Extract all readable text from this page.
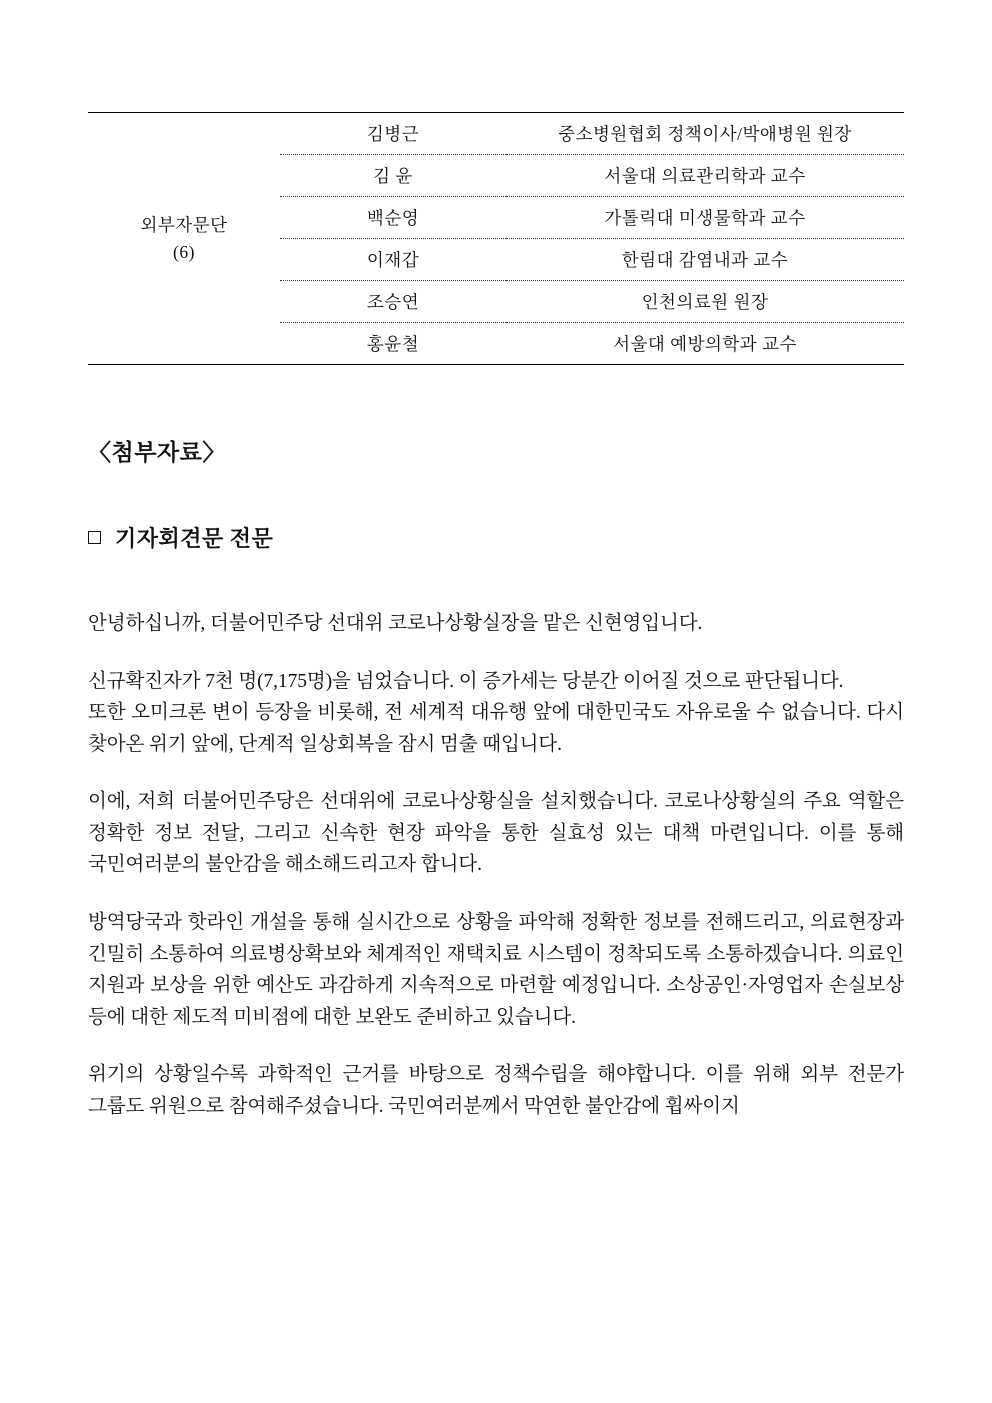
외부자문단
(6)	김병근	중소병원협회 정책이사/박애병원 원장
	김 윤	서울대 의료관리학과 교수
	백순영	가톨릭대 미생물학과 교수
	이재갑	한림대 감염내과 교수
	조승연	인천의료원 원장
	홍윤철	서울대 예방의학과 교수
〈첨부자료〉
기자회견문 전문

안녕하십니까, 더불어민주당 선대위 코로나상황실장을 맡은 신현영입니다.

신규확진자가 7천 명(7,175명)을 넘었습니다. 이 증가세는 당분간 이어질 것으로 판단됩니다.

또한 오미크론 변이 등장을 비롯해, 전 세계적 대유행 앞에 대한민국도 자유로울 수 없습니다. 다시 찾아온 위기 앞에, 단계적 일상회복을 잠시 멈출 때입니다.

이에, 저희 더불어민주당은 선대위에 코로나상황실을 설치했습니다. 코로나상황실의 주요 역할은 정확한 정보 전달, 그리고 신속한 현장 파악을 통한 실효성 있는 대책 마련입니다. 이를 통해 국민여러분의 불안감을 해소해드리고자 합니다.

방역당국과 핫라인 개설을 통해 실시간으로 상황을 파악해 정확한 정보를 전해드리고, 의료현장과 긴밀히 소통하여 의료병상확보와 체계적인 재택치료 시스템이 정착되도록 소통하겠습니다. 의료인 지원과 보상을 위한 예산도 과감하게 지속적으로 마련할 예정입니다. 소상공인·자영업자 손실보상 등에 대한 제도적 미비점에 대한 보완도 준비하고 있습니다.

위기의 상황일수록 과학적인 근거를 바탕으로 정책수립을 해야합니다. 이를 위해 외부 전문가 그룹도 위원으로 참여해주셨습니다. 국민여러분께서 막연한 불안감에 휩싸이지
